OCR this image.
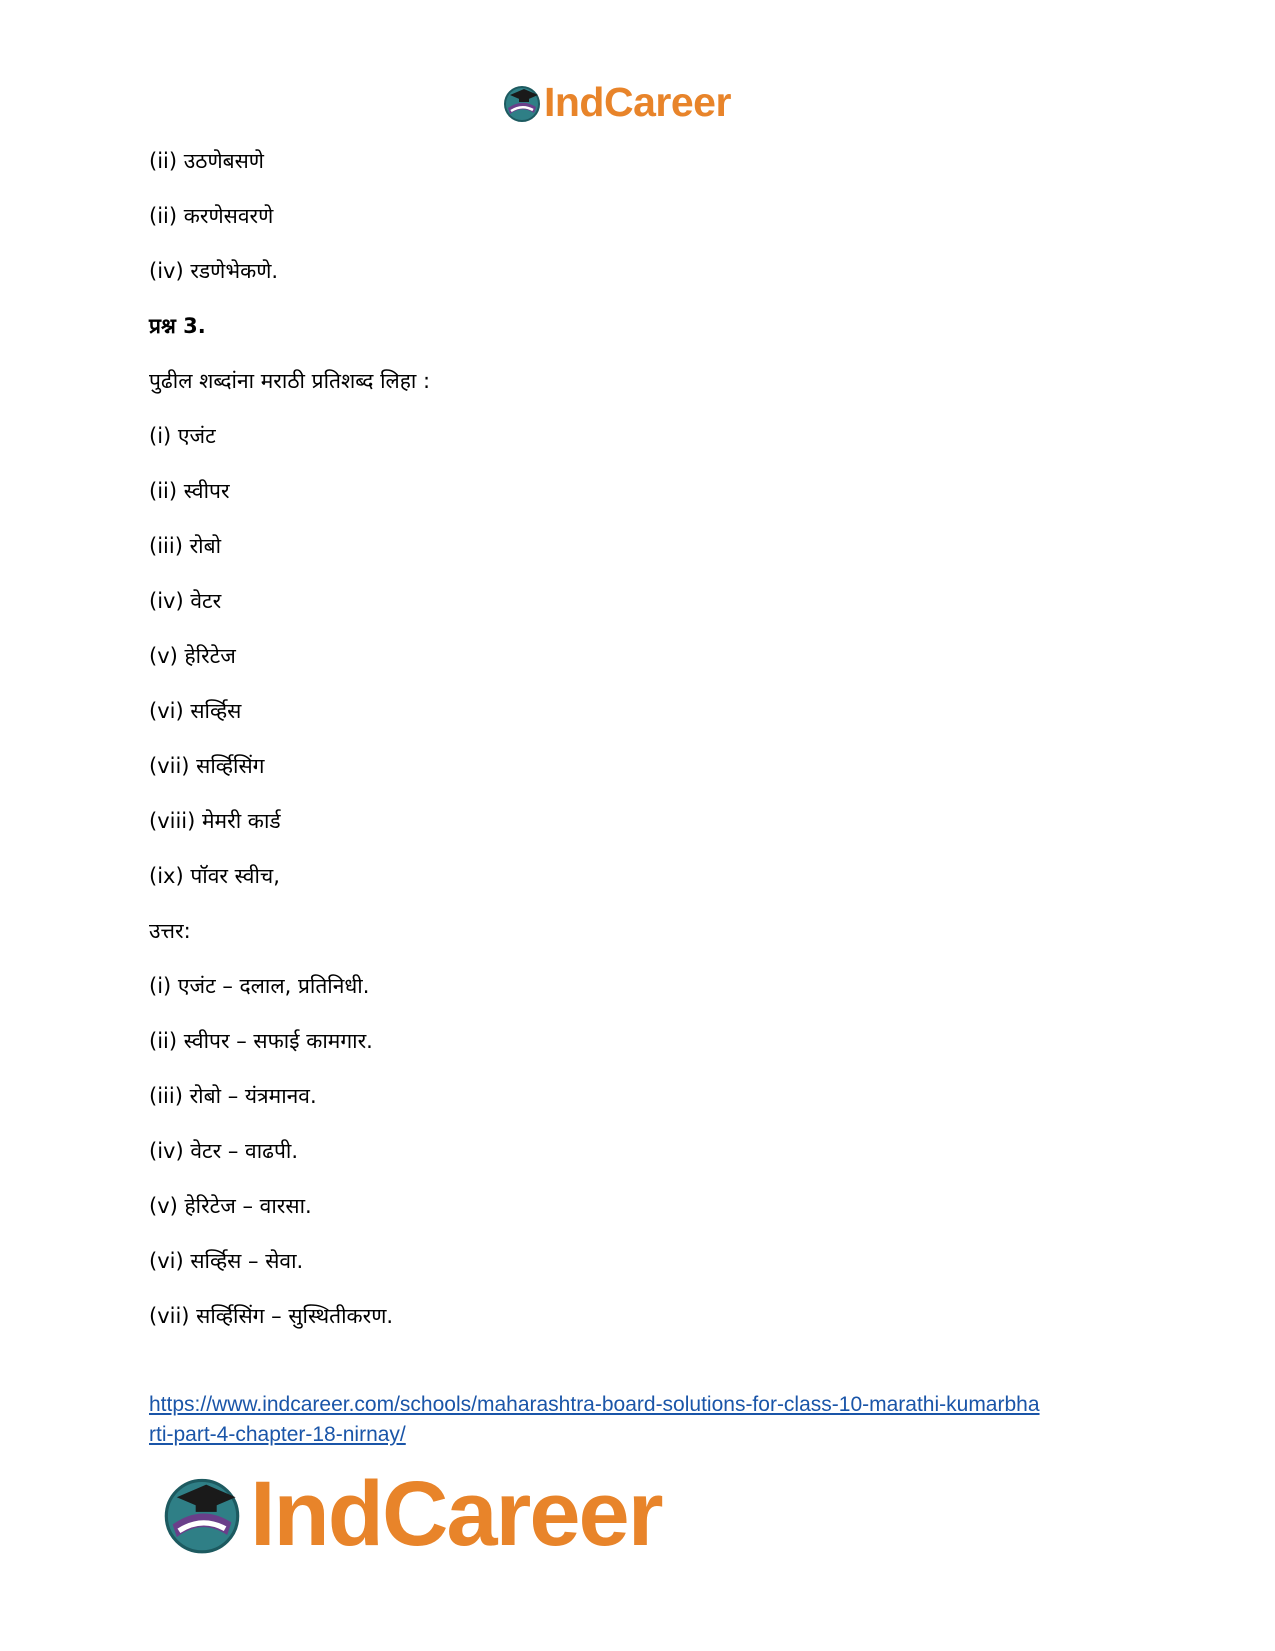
IndCareer
(ii) उठणेबसणे
(ii) करणेसवरणे
(iv) रडणेभेकणे.
प्रश्न 3.
पुढील शब्दांना मराठी प्रतिशब्द लिहा :
(i) एजंट
(ii) स्वीपर
(iii) रोबो
(iv) वेटर
(v) हेरिटेज
(vi) सर्व्हिस
(vii) सर्व्हिसिंग
(viii) मेमरी कार्ड
(ix) पॉवर स्वीच,
उत्तर:
(i) एजंट – दलाल, प्रतिनिधी.
(ii) स्वीपर – सफाई कामगार.
(iii) रोबो – यंत्रमानव.
(iv) वेटर – वाढपी.
(v) हेरिटेज – वारसा.
(vi) सर्व्हिस – सेवा.
(vii) सर्व्हिसिंग – सुस्थितीकरण.
https://www.indcareer.com/schools/maharashtra-board-solutions-for-class-10-marathi-kumarbha
rti-part-4-chapter-18-nirnay/
IndCareer
